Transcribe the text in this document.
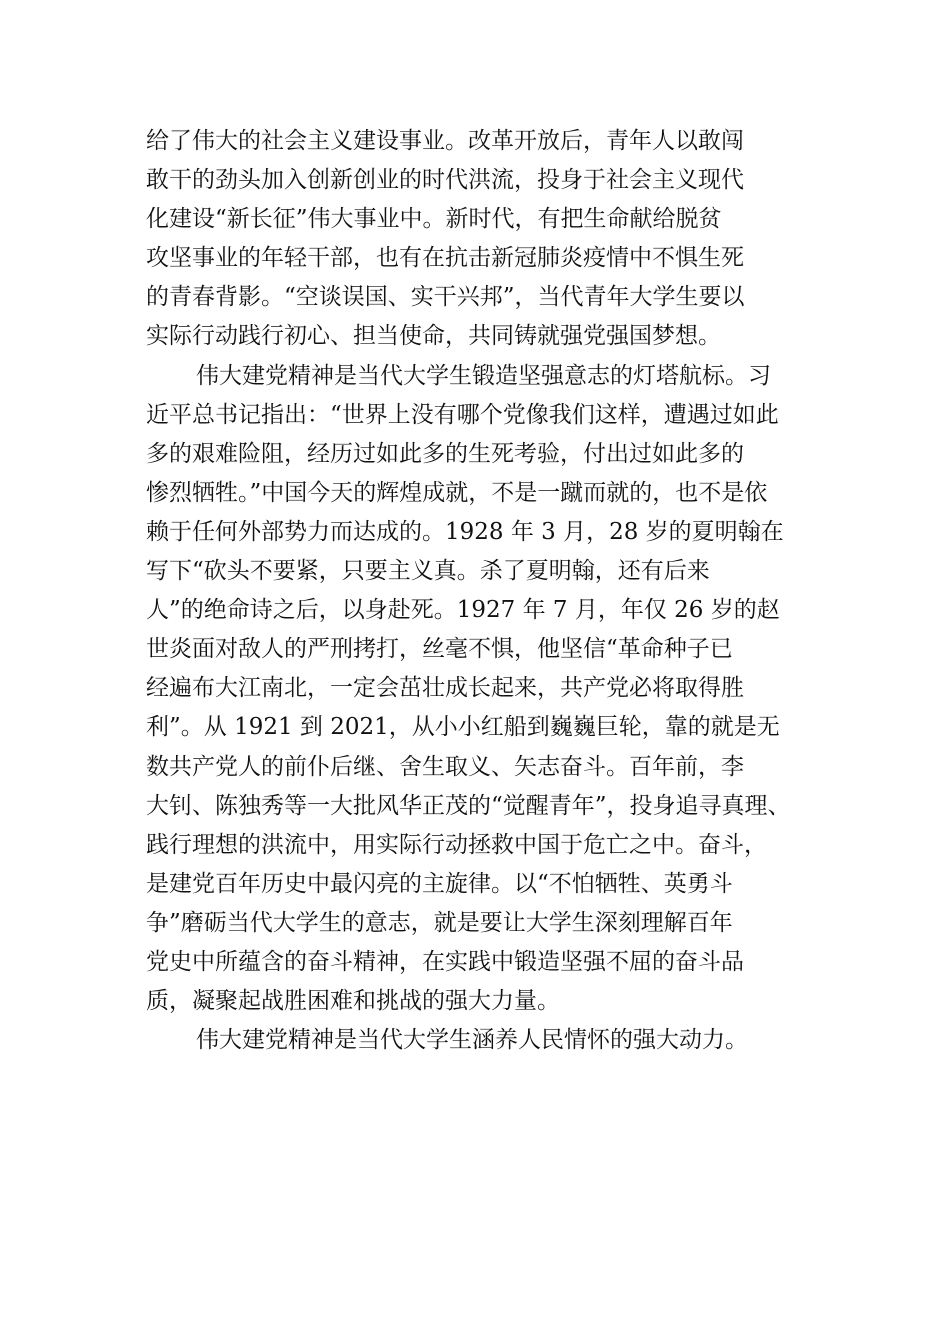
给了伟大的社会主义建设事业。改革开放后，青年人以敢闯
敢干的劲头加入创新创业的时代洪流，投身于社会主义现代
化建设“新长征”伟大事业中。新时代，有把生命献给脱贫
攻坚事业的年轻干部，也有在抗击新冠肺炎疫情中不惧生死
的青春背影。“空谈误国、实干兴邦”，当代青年大学生要以
实际行动践行初心、担当使命，共同铸就强党强国梦想。
伟大建党精神是当代大学生锻造坚强意志的灯塔航标。习
近平总书记指出：“世界上没有哪个党像我们这样，遭遇过如此
多的艰难险阻，经历过如此多的生死考验，付出过如此多的
惨烈牺牲。”中国今天的辉煌成就，不是一蹴而就的，也不是依
赖于任何外部势力而达成的。1928 年 3 月，28 岁的夏明翰在
写下“砍头不要紧，只要主义真。杀了夏明翰，还有后来
人”的绝命诗之后，以身赴死。1927 年 7 月，年仅 26 岁的赵
世炎面对敌人的严刑拷打，丝毫不惧，他坚信“革命种子已
经遍布大江南北，一定会茁壮成长起来，共产党必将取得胜
利”。从 1921 到 2021，从小小红船到巍巍巨轮，靠的就是无
数共产党人的前仆后继、舍生取义、矢志奋斗。百年前，李
大钊、陈独秀等一大批风华正茂的“觉醒青年”，投身追寻真理、
践行理想的洪流中，用实际行动拯救中国于危亡之中。奋斗，
是建党百年历史中最闪亮的主旋律。以“不怕牺牲、英勇斗
争”磨砺当代大学生的意志，就是要让大学生深刻理解百年
党史中所蕴含的奋斗精神，在实践中锻造坚强不屈的奋斗品
质，凝聚起战胜困难和挑战的强大力量。
伟大建党精神是当代大学生涵养人民情怀的强大动力。
